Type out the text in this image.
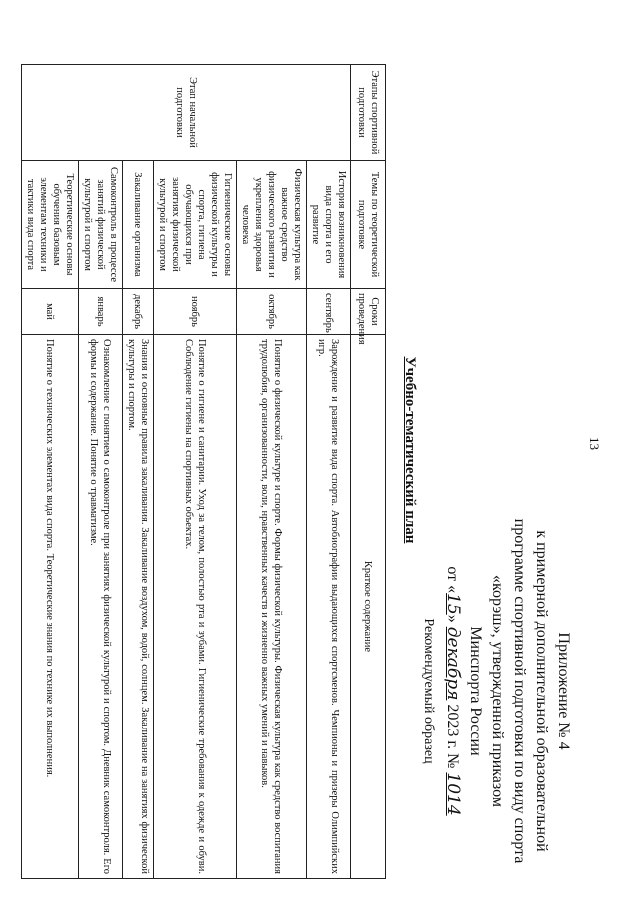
13
Приложение № 4
к примерной дополнительной образовательной
программе спортивной подготовки по виду спорта
«корэш», утвержденной приказом
Минспорта России
от «15» декабря 2023 г. № 1014
Рекомендуемый образец
Учебно-тематический план
Этапы спортивной подготовки	Темы по теоретической подготовке	Сроки проведения	Краткое содержание
Этап начальной подготовки	История возникновения вида спорта и его развитие	сентябрь	Зарождение и развитие вида спорта. Автобиографии выдающихся спортсменов. Чемпионы и призеры Олимпийских игр.
	Физическая культура как важное средство физического развития и укрепления здоровья человека	октябрь	Понятие о физической культуре и спорте. Формы физической культуры. Физическая культура как средство воспитания трудолюбия, организованности, воли, нравственных качеств и жизненно важных умений и навыков.
	Гигиенические основы физической культуры и спорта, гигиена обучающихся при занятиях физической культурой и спортом	ноябрь	Понятие о гигиене и санитарии. Уход за телом, полостью рта и зубами. Гигиенические требования к одежде и обуви. Соблюдение гигиены на спортивных объектах.
	Закаливание организма	декабрь	Знания и основные правила закаливания. Закаливание воздухом, водой, солнцем. Закаливание на занятиях физической культуры и спортом.
	Самоконтроль в процессе занятий физической культурой и спортом	январь	Ознакомление с понятием о самоконтроле при занятиях физической культурой и спортом. Дневник самоконтроля. Его формы и содержание. Понятие о травматизме.
	Теоретические основы обучения базовым элементам техники и тактики вида спорта	май	Понятие о технических элементах вида спорта. Теоретические знания по технике их выполнения.
